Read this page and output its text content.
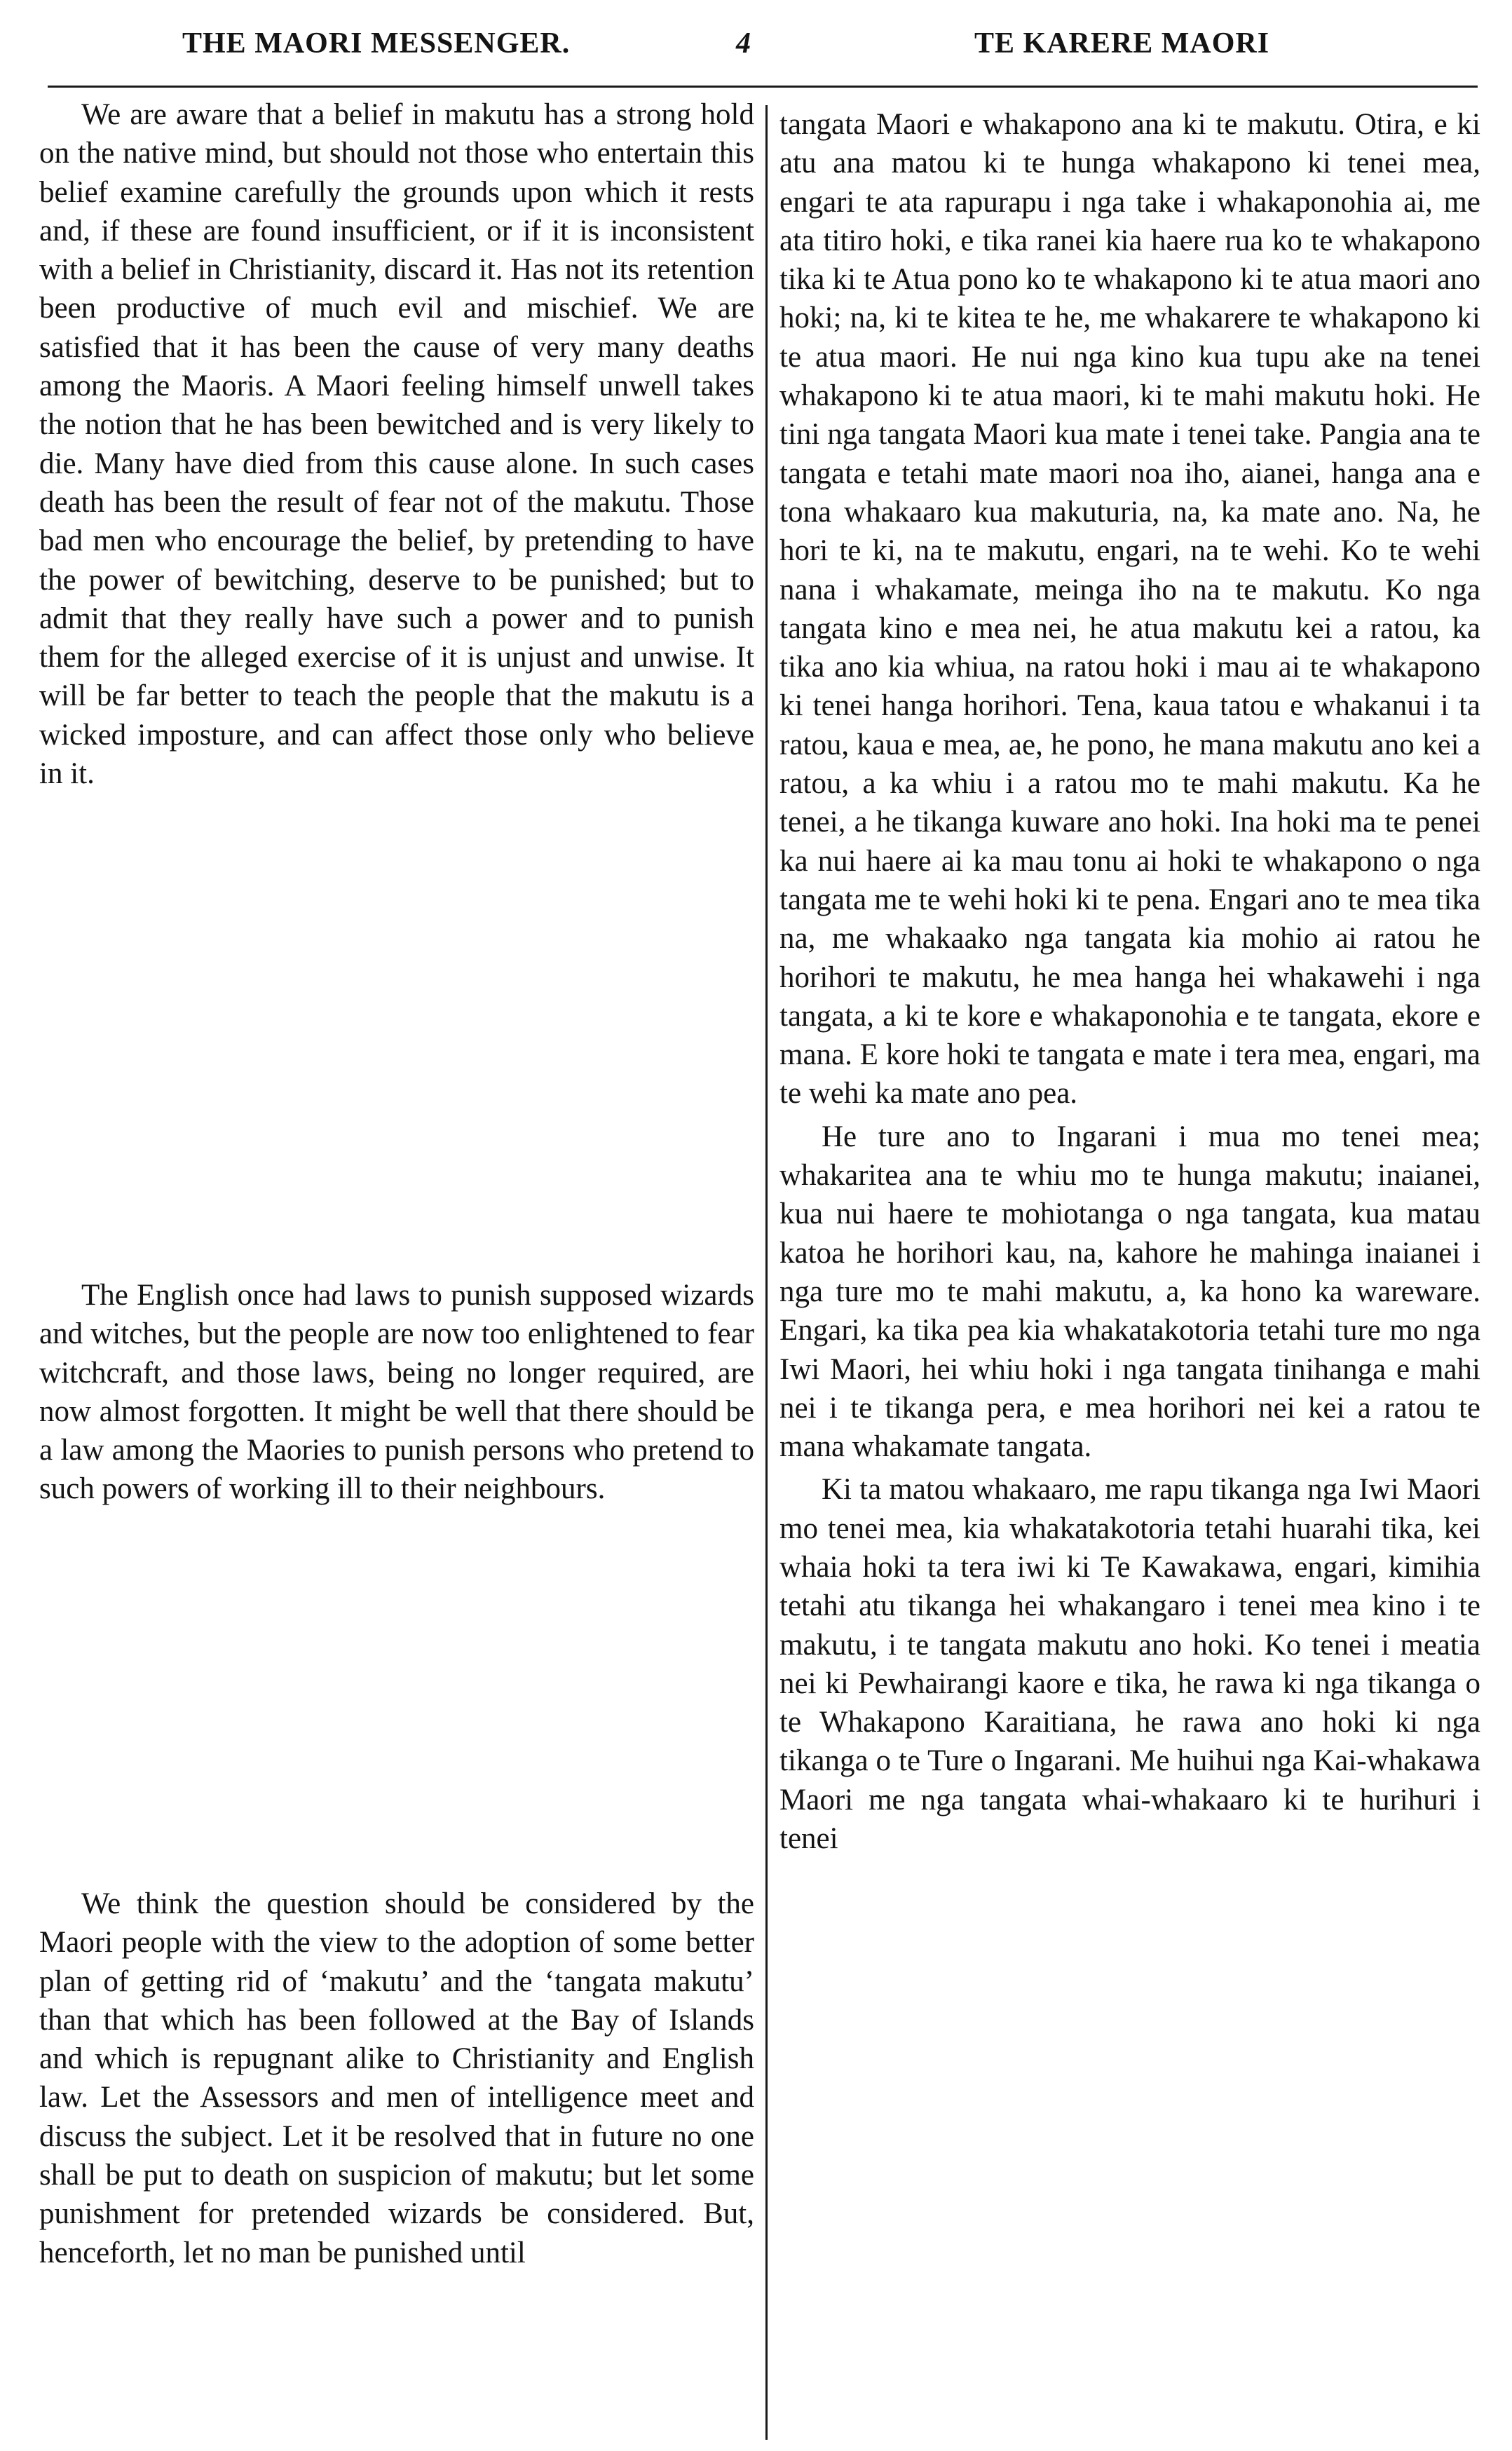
THE MAORI MESSENGER.	4	TE KARERE MAORI

We are aware that a belief in makutu has a strong hold on the native mind, but should not those who entertain this belief examine carefully the grounds upon which it rests and, if these are found insufficient, or if it is inconsistent with a belief in Christianity, discard it. Has not its retention been productive of much evil and mischief. We are satisfied that it has been the cause of very many deaths among the Maoris. A Maori feeling himself unwell takes the notion that he has been bewitched and is very likely to die. Many have died from this cause alone. In such cases death has been the result of fear not of the makutu. Those bad men who encourage the belief, by pretending to have the power of bewitching, deserve to be punished; but to admit that they really have such a power and to punish them for the alleged exercise of it is unjust and unwise. It will be far better to teach the people that the makutu is a wicked imposture, and can affect those only who believe in it.

The English once had laws to punish supposed wizards and witches, but the people are now too enlightened to fear witchcraft, and those laws, being no longer required, are now almost forgotten. It might be well that there should be a law among the Maories to punish persons who pretend to such powers of working ill to their neighbours.

We think the question should be considered by the Maori people with the view to the adoption of some better plan of getting rid of ‘makutu’ and the ‘tangata makutu’ than that which has been followed at the Bay of Islands and which is repugnant alike to Christianity and English law. Let the Assessors and men of intelligence meet and discuss the subject. Let it be resolved that in future no one shall be put to death on suspicion of makutu; but let some punishment for pretended wizards be considered. But, henceforth, let no man be punished until

tangata Maori e whakapono ana ki te makutu. Otira, e ki atu ana matou ki te hunga whakapono ki tenei mea, engari te ata rapurapu i nga take i whakaponohia ai, me ata titiro hoki, e tika ranei kia haere rua ko te whakapono tika ki te Atua pono ko te whakapono ki te atua maori ano hoki; na, ki te kitea te he, me whakarere te whakapono ki te atua maori. He nui nga kino kua tupu ake na tenei whakapono ki te atua maori, ki te mahi makutu hoki. He tini nga tangata Maori kua mate i tenei take. Pangia ana te tangata e tetahi mate maori noa iho, aianei, hanga ana e tona whakaaro kua makuturia, na, ka mate ano. Na, he hori te ki, na te makutu, engari, na te wehi. Ko te wehi nana i whakamate, meinga iho na te makutu. Ko nga tangata kino e mea nei, he atua makutu kei a ratou, ka tika ano kia whiua, na ratou hoki i mau ai te whakapono ki tenei hanga horihori. Tena, kaua tatou e whakanui i ta ratou, kaua e mea, ae, he pono, he mana makutu ano kei a ratou, a ka whiu i a ratou mo te mahi makutu. Ka he tenei, a he tikanga kuware ano hoki. Ina hoki ma te penei ka nui haere ai ka mau tonu ai hoki te whakapono o nga tangata me te wehi hoki ki te pena. Engari ano te mea tika na, me whakaako nga tangata kia mohio ai ratou he horihori te makutu, he mea hanga hei whakawehi i nga tangata, a ki te kore e whakaponohia e te tangata, ekore e mana. E kore hoki te tangata e mate i tera mea, engari, ma te wehi ka mate ano pea.

He ture ano to Ingarani i mua mo tenei mea; whakaritea ana te whiu mo te hunga makutu; inaianei, kua nui haere te mohiotanga o nga tangata, kua matau katoa he horihori kau, na, kahore he mahinga inaianei i nga ture mo te mahi makutu, a, ka hono ka wareware. Engari, ka tika pea kia whakatakotoria tetahi ture mo nga Iwi Maori, hei whiu hoki i nga tangata tinihanga e mahi nei i te tikanga pera, e mea horihori nei kei a ratou te mana whakamate tangata.

Ki ta matou whakaaro, me rapu tikanga nga Iwi Maori mo tenei mea, kia whakatakotoria tetahi huarahi tika, kei whaia hoki ta tera iwi ki Te Kawakawa, engari, kimihia tetahi atu tikanga hei whakangaro i tenei mea kino i te makutu, i te tangata makutu ano hoki. Ko tenei i meatia nei ki Pewhairangi kaore e tika, he rawa ki nga tikanga o te Whakapono Karaitiana, he rawa ano hoki ki nga tikanga o te Ture o Ingarani. Me huihui nga Kai-whakawa Maori me nga tangata whai-whakaaro ki te hurihuri i tenei
